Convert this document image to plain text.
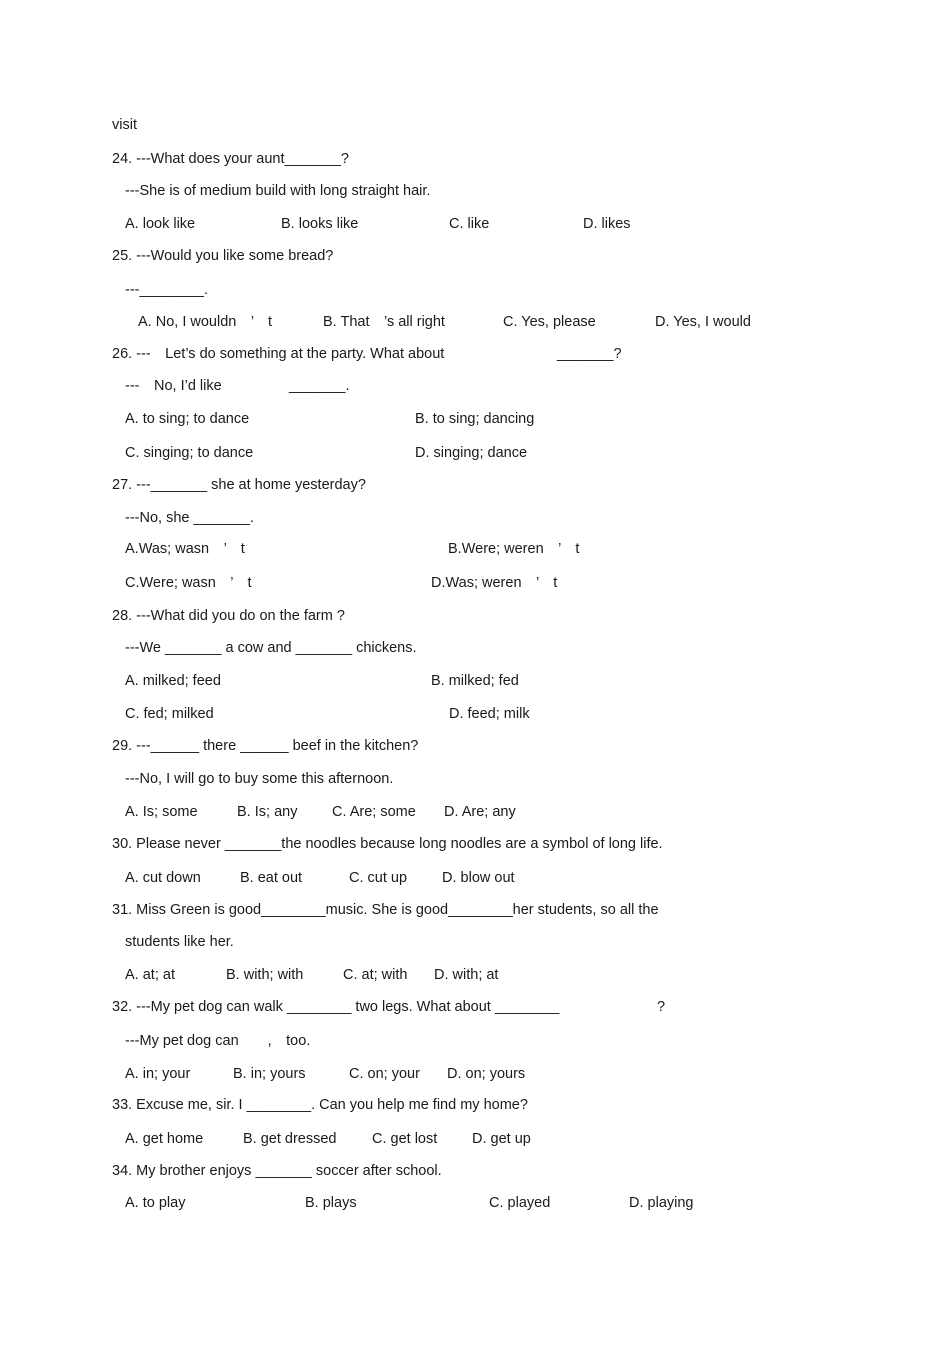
visit
24. ---What does your aunt_______?
---She is of medium build with long straight hair.
A. look like	B. looks like	C. like	D. likes
25. ---Would you like some bread?
---________.
A. No, I wouldn　’　t	B. That　’s all right	C. Yes, please	D. Yes, I would
26. ---　Let’s do something at the party. What about	_______?
---　No, I’d like	_______.
A. to sing; to dance	B. to sing; dancing
C. singing; to dance	D. singing; dance
27. ---_______ she at home yesterday?
---No, she _______.
A.Was; wasn　’　t	B.Were; weren　’　t
C.Were; wasn　’　t	D.Was; weren　’　t
28. ---What did you do on the farm ?
---We _______ a cow and _______ chickens.
A. milked; feed	B. milked; fed
C. fed; milked	D. feed; milk
29. ---______ there ______ beef in the kitchen?
---No, I will go to buy some this afternoon.
A. Is; some	B. Is; any C. Are; some D. Are; any
30. Please never _______the noodles because long noodles are a symbol of long life.
A. cut down	B. eat out	C. cut up D. blow out
31. Miss Green is good________music. She is good________her students, so all the
students like her.
A. at; at	B. with; with	C. at; with D. with; at
32. ---My pet dog can walk ________ two legs. What about ________	?
---My pet dog can　　,　too.
A. in; your	B. in; yours	C. on; your D. on; yours
33. Excuse me, sir. I ________. Can you help me find my home?
A. get home	B. get dressed C. get lost D. get up
34. My brother enjoys _______ soccer after school.
A. to play	B. plays	C. played	D. playing
